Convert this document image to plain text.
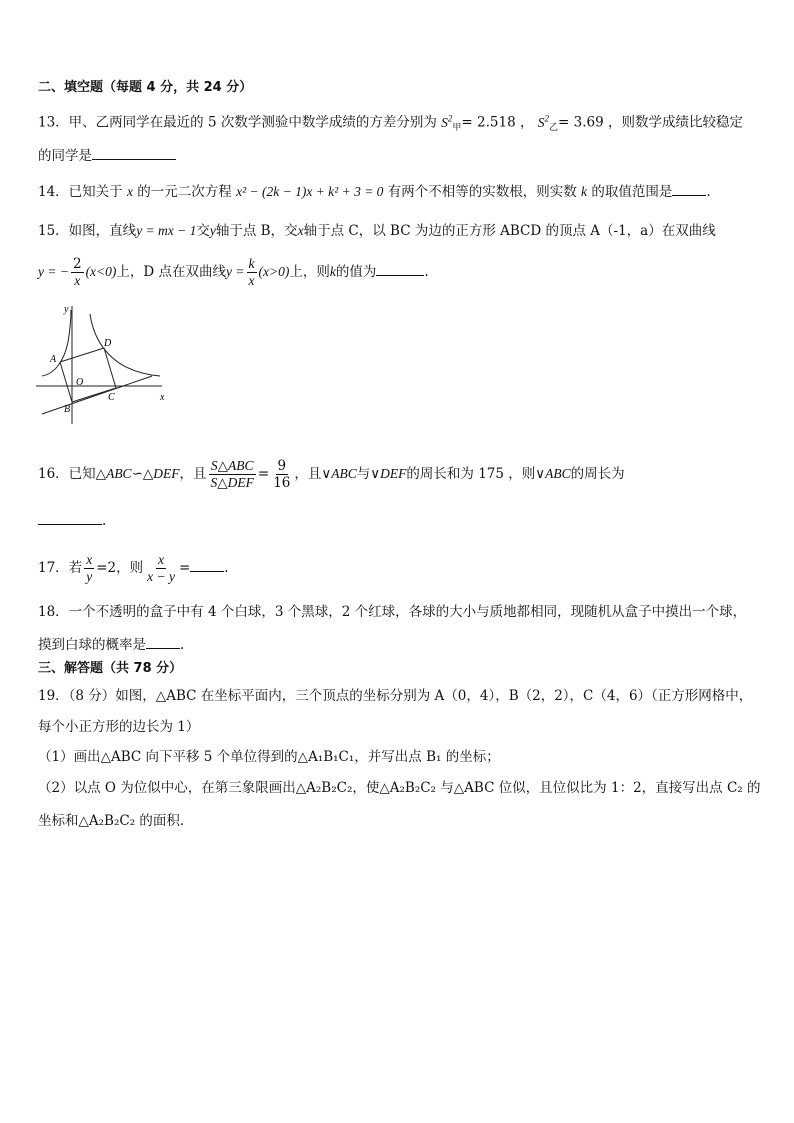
二、填空题（每题 4 分，共 24 分）
13．甲、乙两同学在最近的 5 次数学测验中数学成绩的方差分别为 $S^2_甲= 2.518$ ， $S^2_乙= 3.69$ ，则数学成绩比较稳定
的同学是
14．已知关于 x 的一元二次方程 x² − (2k − 1)x + k² + 3 = 0 有两个不相等的实数根，则实数 k 的取值范围是	.
15．如图，直线y = mx − 1交y轴于点 B，交x轴于点 C，以 BC 为边的正方形 ABCD 的顶点 A（-1，a）在双曲线
y = − $\frac{2}{x} (x<0)$上，D 点在双曲线$y = \frac{k}{x} (x>0)$上，则k的值为	.
y
x
A
D
O
B
C
16．已知△ABC∽△DEF，且 $\frac{\text{S△ABC}}{\text{S△DEF}} = \frac{9}{16}$ ，且∨ABC与∨DEF的周长和为 175 ，则∨ABC的周长为
.
17．若 $\frac{x}{y} =2$，则 $\frac{x}{x - y}$ =	.
18．一个不透明的盒子中有 4 个白球，3 个黑球，2 个红球，各球的大小与质地都相同，现随机从盒子中摸出一个球，
摸到白球的概率是	.
三、解答题（共 78 分）
19．（8 分）如图，△ABC 在坐标平面内，三个顶点的坐标分别为 A（0，4），B（2，2），C（4，6）（正方形网格中，
每个小正方形的边长为 1）
（1）画出△ABC 向下平移 5 个单位得到的△A₁B₁C₁，并写出点 B₁ 的坐标；
（2）以点 O 为位似中心，在第三象限画出△A₂B₂C₂，使△A₂B₂C₂ 与△ABC 位似，且位似比为 1：2，直接写出点 C₂ 的
坐标和△A₂B₂C₂ 的面积．
